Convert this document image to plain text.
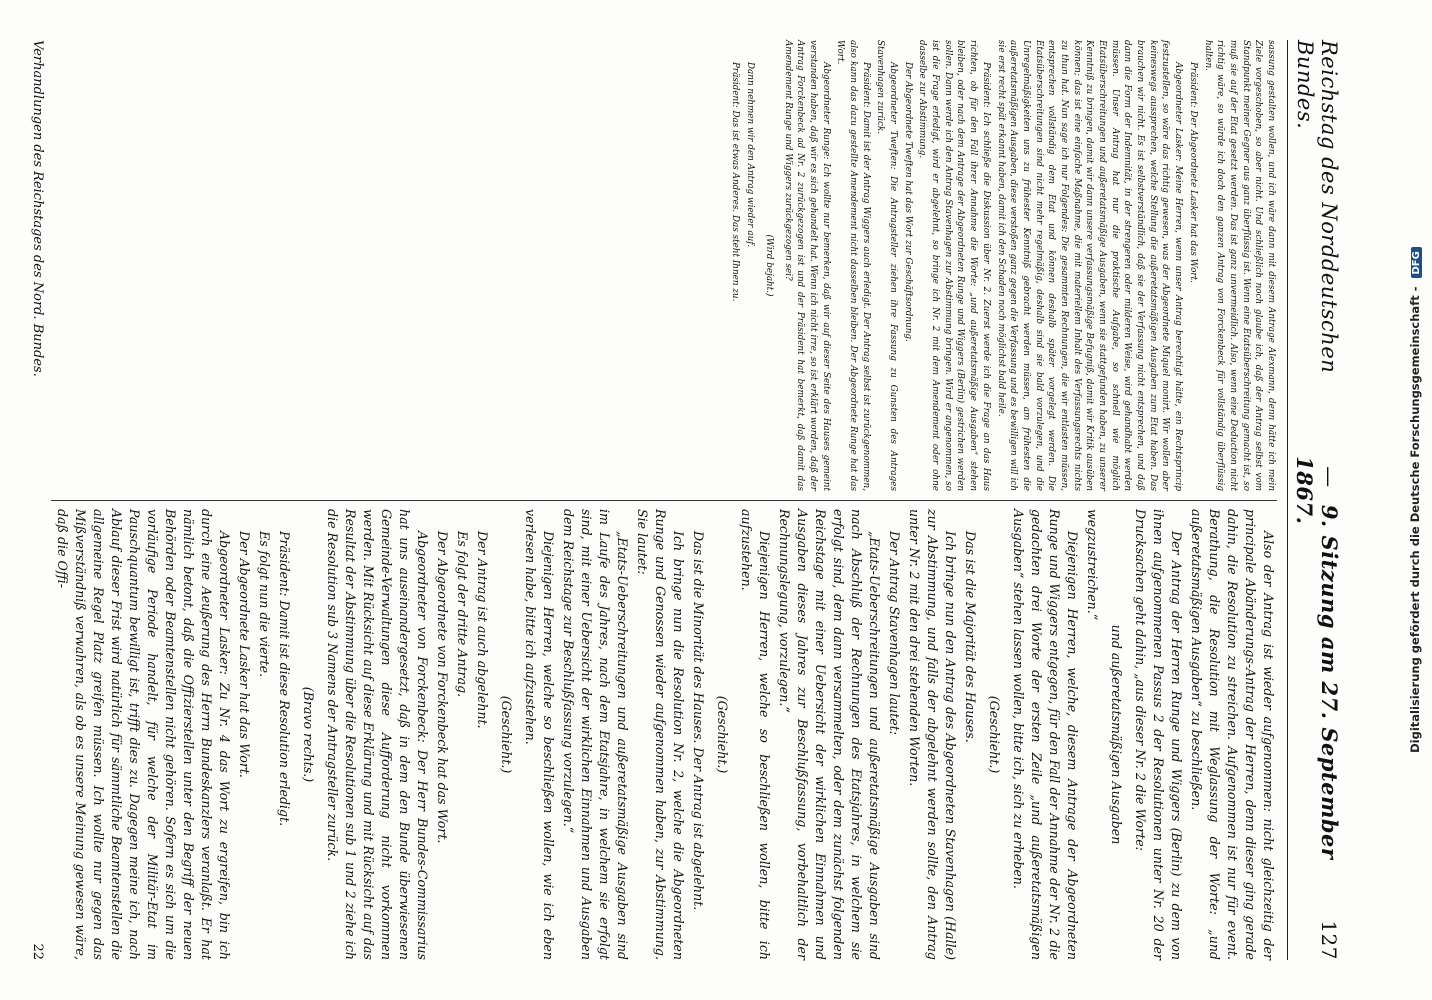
Reichstag des Norddeutschen Bundes.
— 9. Sitzung am 27. September 1867.
127

sassung gestalten wollen, und ich wäre dann mit diesem Antrage Alexmann, denn hätte ich mein Ziele vorgeschoben, so aber nicht. Und schließlich noch glaube ich, daß der Antrag selbst vom Standpunkt meiner Gegner aus ganz überflüssig ist. Wenn eine Etatsüberschreitung gemacht ist, so muß sie auf der Etat gesetzt werden. Das ist ganz unvermeidlich. Also, wenn eine Deduction nicht richtig wäre, so würde ich doch den ganzen Antrag von Forckenbeck für vollständig überflüssig halten.

Präsident: Der Abgeordnete Lasker hat das Wort.

Abgeordneter Lasker: Meine Herren, wenn unser Antrag berechtigt hätte, ein Rechtsprincip festzustellen, so wäre das richtig gewesen, was der Abgeordnete Miquel monirt. Wir wollen aber keineswegs aussprechen, welche Stellung die außeretatsmäßigen Ausgaben zum Etat haben. Das brauchen wir nicht. Es ist selbstverständlich, daß sie der Verfassung nicht entsprechen, und daß dann die Form der Indemnität, in der strengeren oder milderen Weise, wird gehandhabt werden müssen. Unser Antrag hat nur die praktische Aufgabe, so schnell wie möglich Etatsüberschreitungen und außeretatsmäßige Ausgaben, wenn sie stattgefunden haben, zu unserer Kenntniß zu bringen, damit wir dann unsere verfassungsmäßige Befugniß, damit wir Kritik ausüben können; das ist eine einfache Maßnahme, die mit materiellem Inhalt des Verfassungsrechts nichts zu thun hat. Nun sage ich nur Folgendes: Die gesammten Rechnungen, die wir entlasten müssen, entsprechen vollständig dem Etat und können deshalb später vorgelegt werden. Die Etatsüberschreitungen sind nicht mehr regelmäßig, deshalb sind sie bald vorzulegen, und die Unregelmäßigkeiten uns zu frühester Kenntniß gebracht werden müssen, am frühesten die außeretatsmäßigen Ausgaben, diese verstoßen ganz gegen die Verfassung und es bewilligen will ich sie erst recht spät erkannt haben, damit ich den Schaden noch möglichst bald heile.

Präsident: Ich schließe die Diskussion über Nr. 2. Zuerst werde ich die Frage an das Haus richten, ob für den Fall ihrer Annahme die Worte: „und außeretatsmäßige Ausgaben“ stehen bleiben, oder nach dem Antrage der Abgeordneten Runge und Wiggers (Berlin) gestrichen werden sollen. Dann werde ich den Antrag Stavenhagen zur Abstimmung bringen. Wird er angenommen, so ist die Frage erledigt, wird er abgelehnt, so bringe ich Nr. 2 mit dem Amendement oder ohne dasselbe zur Abstimmung.

Der Abgeordnete Tweften hat das Wort zur Geschäftsordnung.

Abgeordneter Tweften: Die Antragsteller ziehen ihre Fassung zu Gunsten des Antrages Stavenhagen zurück.

Präsident: Damit ist der Antrag Wiggers auch erledigt. Der Antrag selbst ist zurückgenommen, also kann das dazu gestellte Amendement nicht dasselben bleiben. Der Abgeordnete Runge hat das Wort.

Abgeordneter Runge: Ich wollte nur bemerken, daß wir auf dieser Seite des Hauses gemeint verstanden haben, daß wir es sich gehandelt hat. Wenn ich nicht irre, so ist erklärt worden, daß der Antrag Forckenbeck ad Nr. 2 zurückgezogen ist und der Präsident hat bemerkt, daß damit das Amendement Runge und Wiggers zurückgezogen sei?

(Wird bejaht.)

Dann nehmen wir den Antrag wieder auf.

Präsident: Das ist etwas Anderes. Das steht Ihnen zu.

Also der Antrag ist wieder aufgenommen: nicht gleichzeitig der principale Abänderungs-Antrag der Herren, denn dieser ging gerade dahin, die Resolution zu streichen. Aufgenommen ist nur für event. Berathung, die Resolution mit Weglassung der Worte: „und außeretatsmäßigen Ausgaben“ zu beschließen.

Der Antrag der Herren Runge und Wiggers (Berlin) zu dem von ihnen aufgenommenen Passus 2 der Resolutionen unter Nr. 20 der Drucksachen geht dahin, „aus dieser Nr. 2 die Worte:

und außeretatsmäßigen Ausgaben

wegzustreichen.“

Diejenigen Herren, welche, diesem Antrage der Abgeordneten Runge und Wiggers entgegen, für den Fall der Annahme der Nr. 2 die gedachten drei Worte der ersten Zeile „und außeretatsmäßigen Ausgaben“ stehen lassen wollen, bitte ich, sich zu erheben.

(Geschieht.)

Das ist die Majorität des Hauses.

Ich bringe nun den Antrag des Abgeordneten Stavenhagen (Halle) zur Abstimmung, und falls der abgelehnt werden sollte, den Antrag unter Nr. 2 mit den drei stehenden Worten.

Der Antrag Stavenhagen lautet:

„Etats-Ueberschreitungen und außeretatsmäßige Ausgaben sind nach Abschluß der Rechnungen des Etatsjahres, in welchem sie erfolgt sind, dem dann versammelten, oder dem zunächst folgenden Reichstage mit einer Uebersicht der wirklichen Einnahmen und Ausgaben dieses Jahres zur Beschlußfassung, vorbehaltlich der Rechnungslegung, vorzulegen.“

Diejenigen Herren, welche so beschließen wollen, bitte ich aufzustehen.

(Geschieht.)

Das ist die Minorität des Hauses. Der Antrag ist abgelehnt.

Ich bringe nun die Resolution Nr. 2, welche die Abgeordneten Runge und Genossen wieder aufgenommen haben, zur Abstimmung. Sie lautet:

„Etats-Ueberschreitungen und außeretatsmäßige Ausgaben sind im Laufe des Jahres, nach dem Etatsjahre, in welchem sie erfolgt sind, mit einer Uebersicht der wirklichen Einnahmen und Ausgaben dem Reichstage zur Beschlußfassung vorzulegen.“

Diejenigen Herren, welche so beschließen wollen, wie ich eben verlesen habe, bitte ich aufzustehen.

(Geschieht.)

Der Antrag ist auch abgelehnt.

Es folgt der dritte Antrag.

Der Abgeordnete von Forckenbeck hat das Wort.

Abgeordneter von Forckenbeck: Der Herr Bundes-Commissarius hat uns auseinandergesetzt, daß in dem den Bunde überwiesenen Gemeinde-Verwaltungen diese Aufforderung nicht vorkommen werden. Mit Rücksicht auf diese Erklärung und mit Rücksicht auf das Resultat der Abstimmung über die Resolutionen sub 1 und 2 ziehe ich die Resolution sub 3 Namens der Antragsteller zurück.

(Bravo rechts.)

Präsident: Damit ist diese Resolution erledigt.

Es folgt nun die vierte.

Der Abgeordnete Lasker hat das Wort.

Abgeordneter Lasker: Zu Nr. 4 das Wort zu ergreifen, bin ich durch eine Aeußerung des Herrn Bundeskanzlers veranlaßt. Er hat nämlich betont, daß die Offizierstellen unter den Begriff der neuen Behörden oder Beamtenstellen nicht gehören. Sofern es sich um die vorläufige Periode handelt, für welche der Militär-Etat im Pauschquantum bewilligt ist, trifft dies zu. Dagegen meine ich, nach Ablauf dieser Frist wird natürlich für sämmtliche Beamtenstellen die allgemeine Regel Platz greifen müssen. Ich wollte nur gegen das Mißverständniß verwahren, als ob es unsere Meinung gewesen wäre, daß die Offi-

Verhandlungen des Reichstages des Nord. Bundes.
22
Digitalisierung gefördert durch die Deutsche Forschungsgemeinschaft - DFG
